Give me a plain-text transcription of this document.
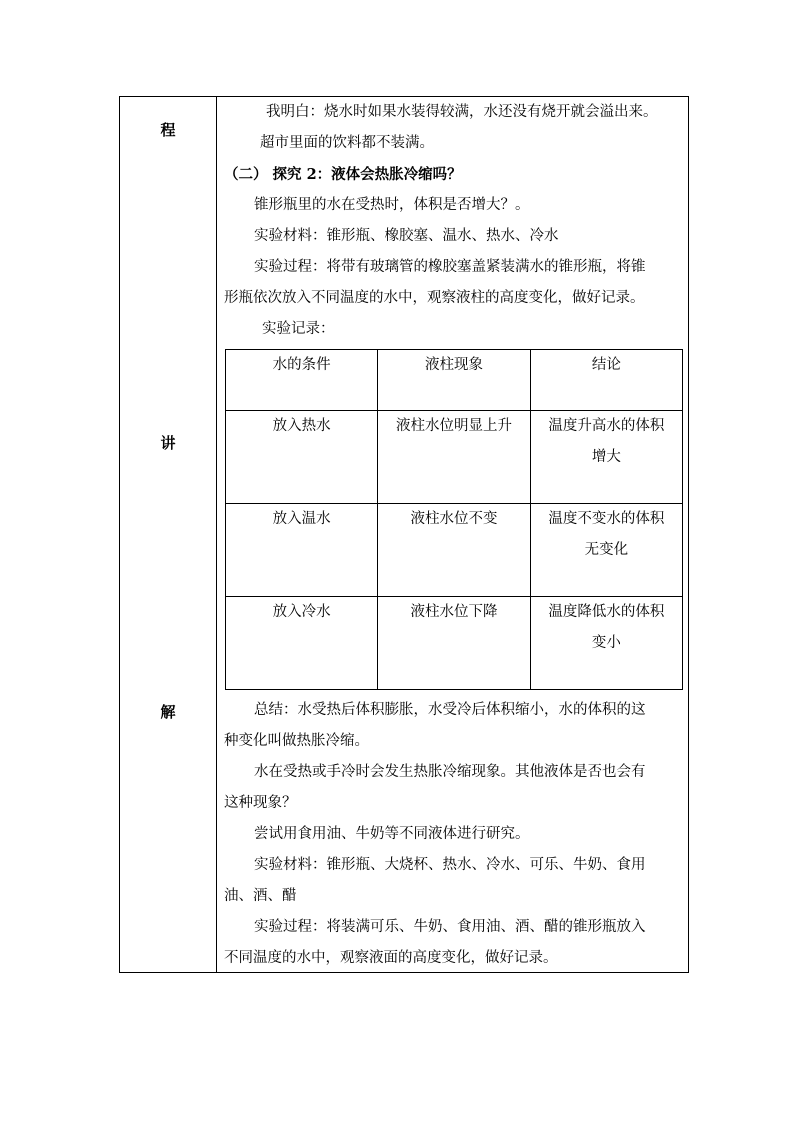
程
讲
解
我明白：烧水时如果水装得较满，水还没有烧开就会溢出来。
超市里面的饮料都不装满。
（二） 探究 2：液体会热胀冷缩吗？
锥形瓶里的水在受热时，体积是否增大？。
实验材料：锥形瓶、橡胶塞、温水、热水、冷水
实验过程：将带有玻璃管的橡胶塞盖紧装满水的锥形瓶，将锥
形瓶依次放入不同温度的水中，观察液柱的高度变化，做好记录。
实验记录：
水的条件	液柱现象	结论
放入热水	液柱水位明显上升	温度升高水的体积
增大

放入温水	液柱水位不变	温度不变水的体积
无变化

放入冷水	液柱水位下降	温度降低水的体积
变小
总结：水受热后体积膨胀，水受冷后体积缩小，水的体积的这
种变化叫做热胀冷缩。
水在受热或手冷时会发生热胀冷缩现象。其他液体是否也会有
这种现象？
尝试用食用油、牛奶等不同液体进行研究。
实验材料：锥形瓶、大烧杯、热水、冷水、可乐、牛奶、食用
油、酒、醋
实验过程：将装满可乐、牛奶、食用油、酒、醋的锥形瓶放入
不同温度的水中，观察液面的高度变化，做好记录。
